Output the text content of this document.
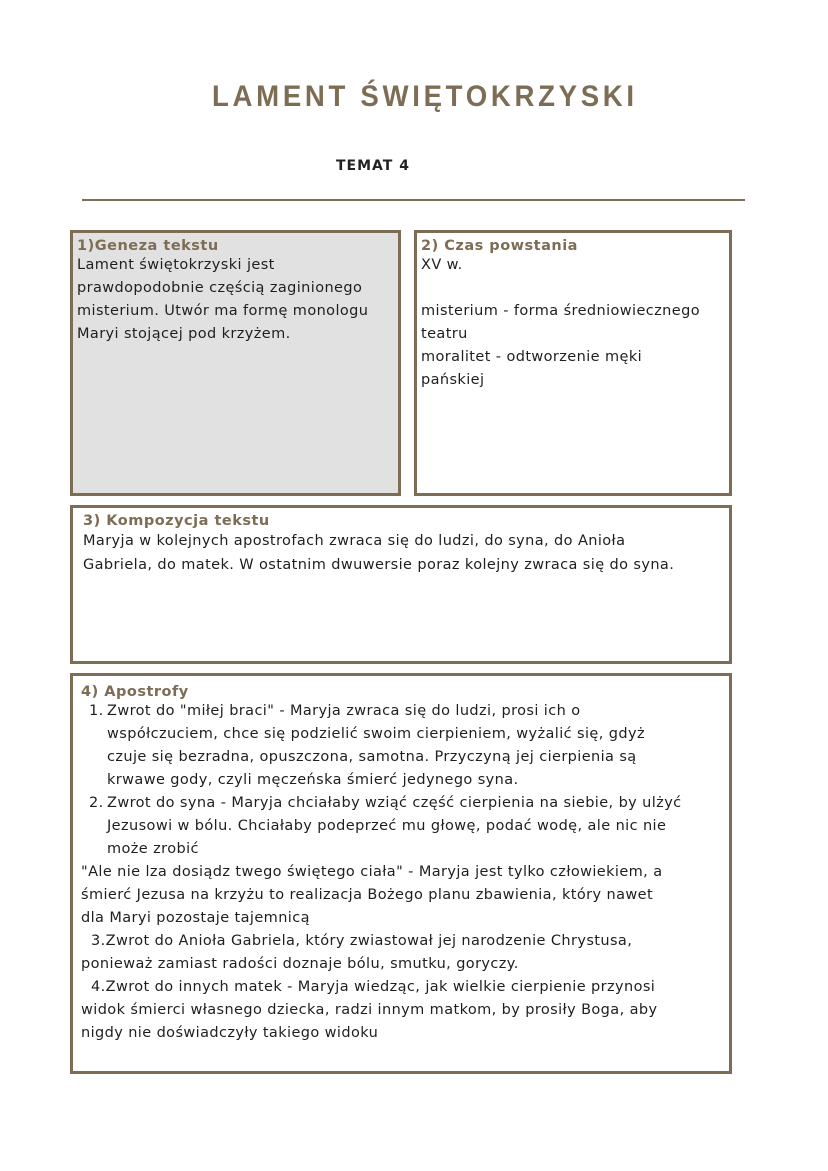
LAMENT ŚWIĘTOKRZYSKI
TEMAT 4
1)Geneza tekstu

Lament świętokrzyski jest

prawdopodobnie częścią zaginionego

misterium. Utwór ma formę monologu

Maryi stojącej pod krzyżem.

2) Czas powstania

XV w.

misterium - forma średniowiecznego

teatru

moralitet - odtworzenie męki

pańskiej

3) Kompozycja tekstu

Maryja w kolejnych apostrofach zwraca się do ludzi, do syna, do Anioła

Gabriela, do matek. W ostatnim dwuwersie poraz kolejny zwraca się do syna.

4) Apostrofy
1. Zwrot do "miłej braci" - Maryja zwraca się do ludzi, prosi ich o

współczuciem, chce się podzielić swoim cierpieniem, wyżalić się, gdyż

czuje się bezradna, opuszczona, samotna. Przyczyną jej cierpienia są

krwawe gody, czyli męczeńska śmierć jedynego syna.

2. Zwrot do syna - Maryja chciałaby wziąć część cierpienia na siebie, by ulżyć

Jezusowi w bólu. Chciałaby podeprzeć mu głowę, podać wodę, ale nic nie

może zrobić

"Ale nie lza dosiądz twego świętego ciała" - Maryja jest tylko człowiekiem, a

śmierć Jezusa na krzyżu to realizacja Bożego planu zbawienia, który nawet

dla Maryi pozostaje tajemnicą

3.Zwrot do Anioła Gabriela, który zwiastował jej narodzenie Chrystusa,

ponieważ zamiast radości doznaje bólu, smutku, goryczy.

4.Zwrot do innych matek - Maryja wiedząc, jak wielkie cierpienie przynosi

widok śmierci własnego dziecka, radzi innym matkom, by prosiły Boga, aby

nigdy nie doświadczyły takiego widoku
